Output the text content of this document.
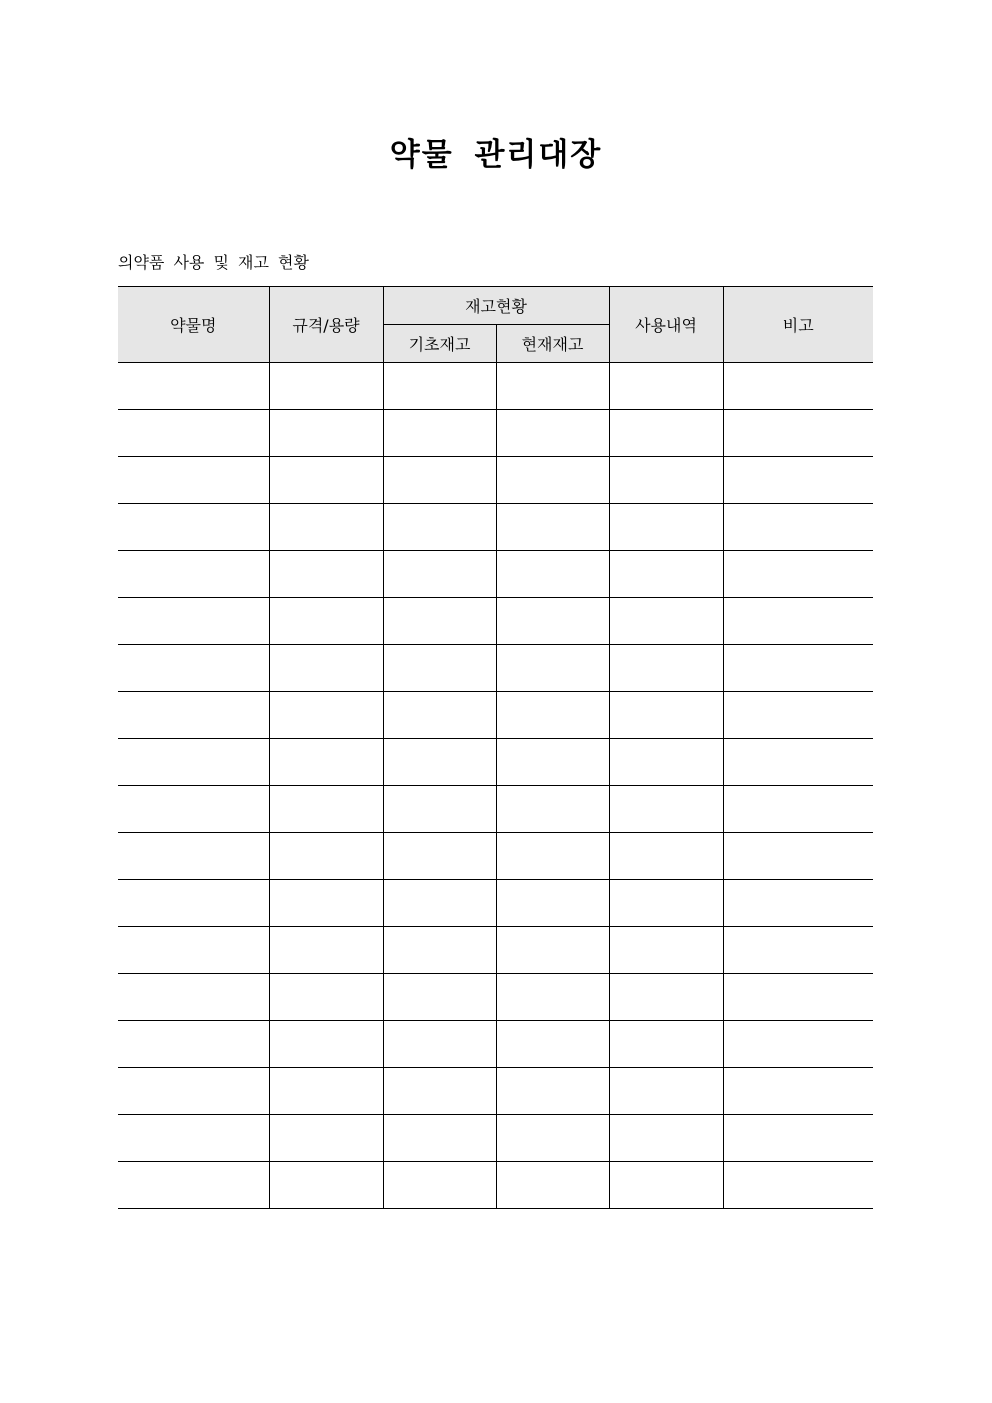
약물 관리대장
의약품 사용 및 재고 현황
약물명	규격/용량	재고현황		사용내역	비고
		기초재고	현재재고		
